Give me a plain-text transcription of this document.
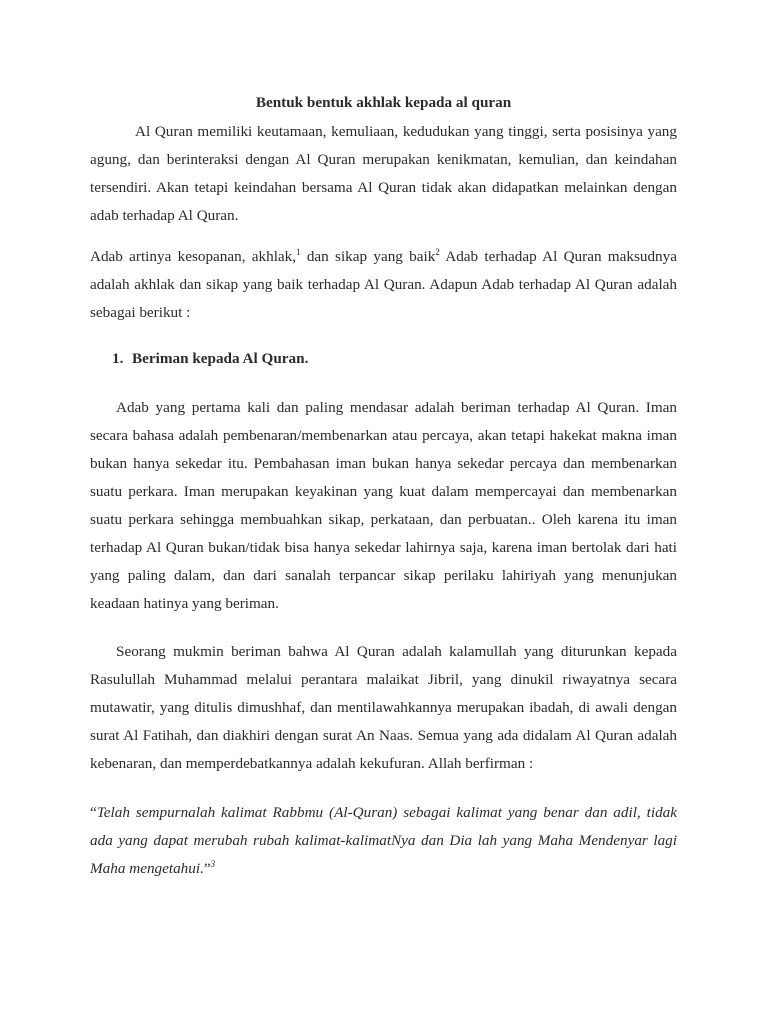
Bentuk bentuk akhlak kepada al quran

Al Quran memiliki keutamaan, kemuliaan, kedudukan yang tinggi, serta posisinya yang agung, dan berinteraksi dengan Al Quran merupakan kenikmatan, kemulian, dan keindahan tersendiri. Akan tetapi keindahan bersama Al Quran tidak akan didapatkan melainkan dengan adab terhadap Al Quran.

Adab artinya kesopanan, akhlak,$^1$ dan sikap yang baik$^2$ Adab terhadap Al Quran maksudnya adalah akhlak dan sikap yang baik terhadap Al Quran. Adapun Adab terhadap Al Quran adalah sebagai berikut :

1. Beriman kepada Al Quran.

Adab yang pertama kali dan paling mendasar adalah beriman terhadap Al Quran. Iman secara bahasa adalah pembenaran/membenarkan atau percaya, akan tetapi hakekat makna iman bukan hanya sekedar itu. Pembahasan iman bukan hanya sekedar percaya dan membenarkan suatu perkara. Iman merupakan keyakinan yang kuat dalam mempercayai dan membenarkan suatu perkara sehingga membuahkan sikap, perkataan, dan perbuatan.. Oleh karena itu iman terhadap Al Quran bukan/tidak bisa hanya sekedar lahirnya saja, karena iman bertolak dari hati yang paling dalam, dan dari sanalah terpancar sikap perilaku lahiriyah yang menunjukan keadaan hatinya yang beriman.

Seorang mukmin beriman bahwa Al Quran adalah kalamullah yang diturunkan kepada Rasulullah Muhammad melalui perantara malaikat Jibril, yang dinukil riwayatnya secara mutawatir, yang ditulis dimushhaf, dan mentilawahkannya merupakan ibadah, di awali dengan surat Al Fatihah, dan diakhiri dengan surat An Naas. Semua yang ada didalam Al Quran adalah kebenaran, dan memperdebatkannya adalah kekufuran. Allah berfirman :

“Telah sempurnalah kalimat Rabbmu (Al-Quran) sebagai kalimat yang benar dan adil, tidak ada yang dapat merubah rubah kalimat-kalimatNya dan Dia lah yang Maha Mendenyar lagi Maha mengetahui.”$^3$
